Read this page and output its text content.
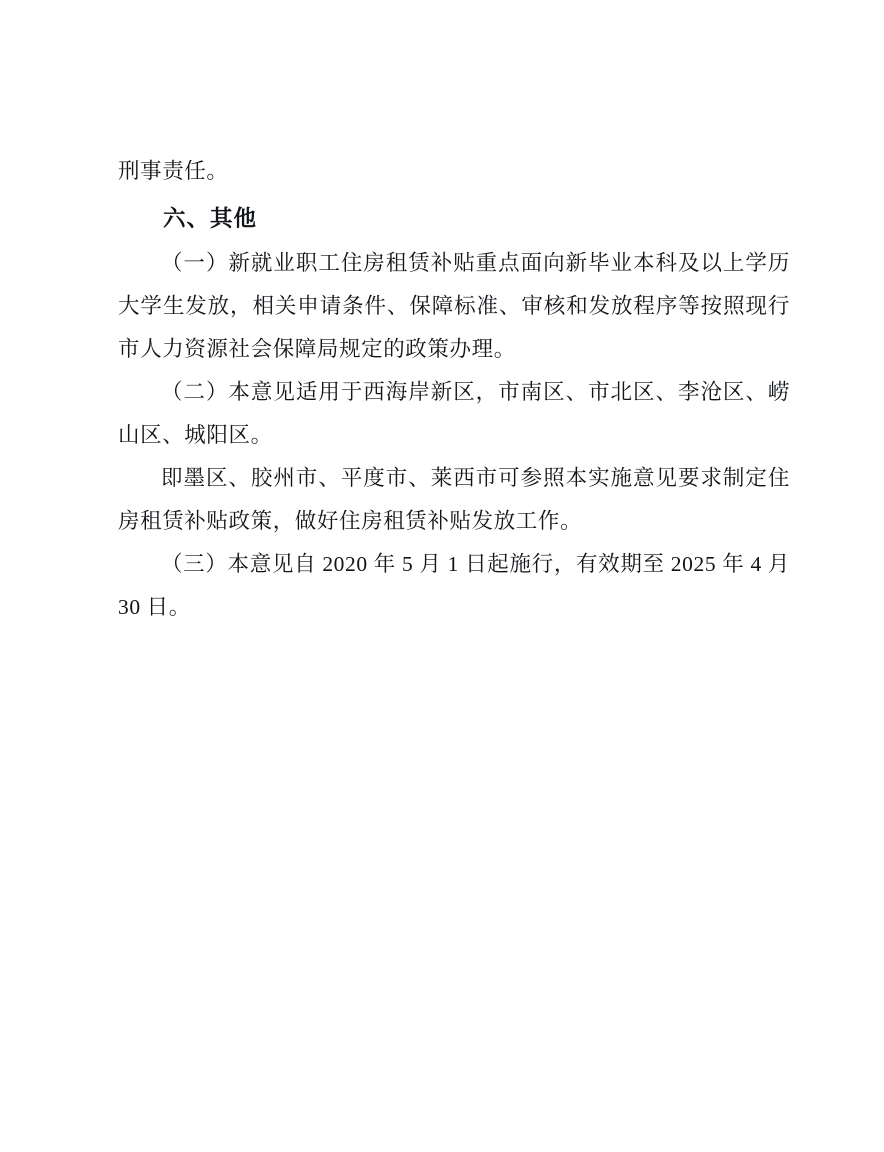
刑事责任。

六、其他

（一）新就业职工住房租赁补贴重点面向新毕业本科及以上学历大学生发放，相关申请条件、保障标准、审核和发放程序等按照现行市人力资源社会保障局规定的政策办理。

（二）本意见适用于西海岸新区，市南区、市北区、李沧区、崂山区、城阳区。

即墨区、胶州市、平度市、莱西市可参照本实施意见要求制定住房租赁补贴政策，做好住房租赁补贴发放工作。

（三）本意见自 2020 年 5 月 1 日起施行，有效期至 2025 年 4 月 30 日。
